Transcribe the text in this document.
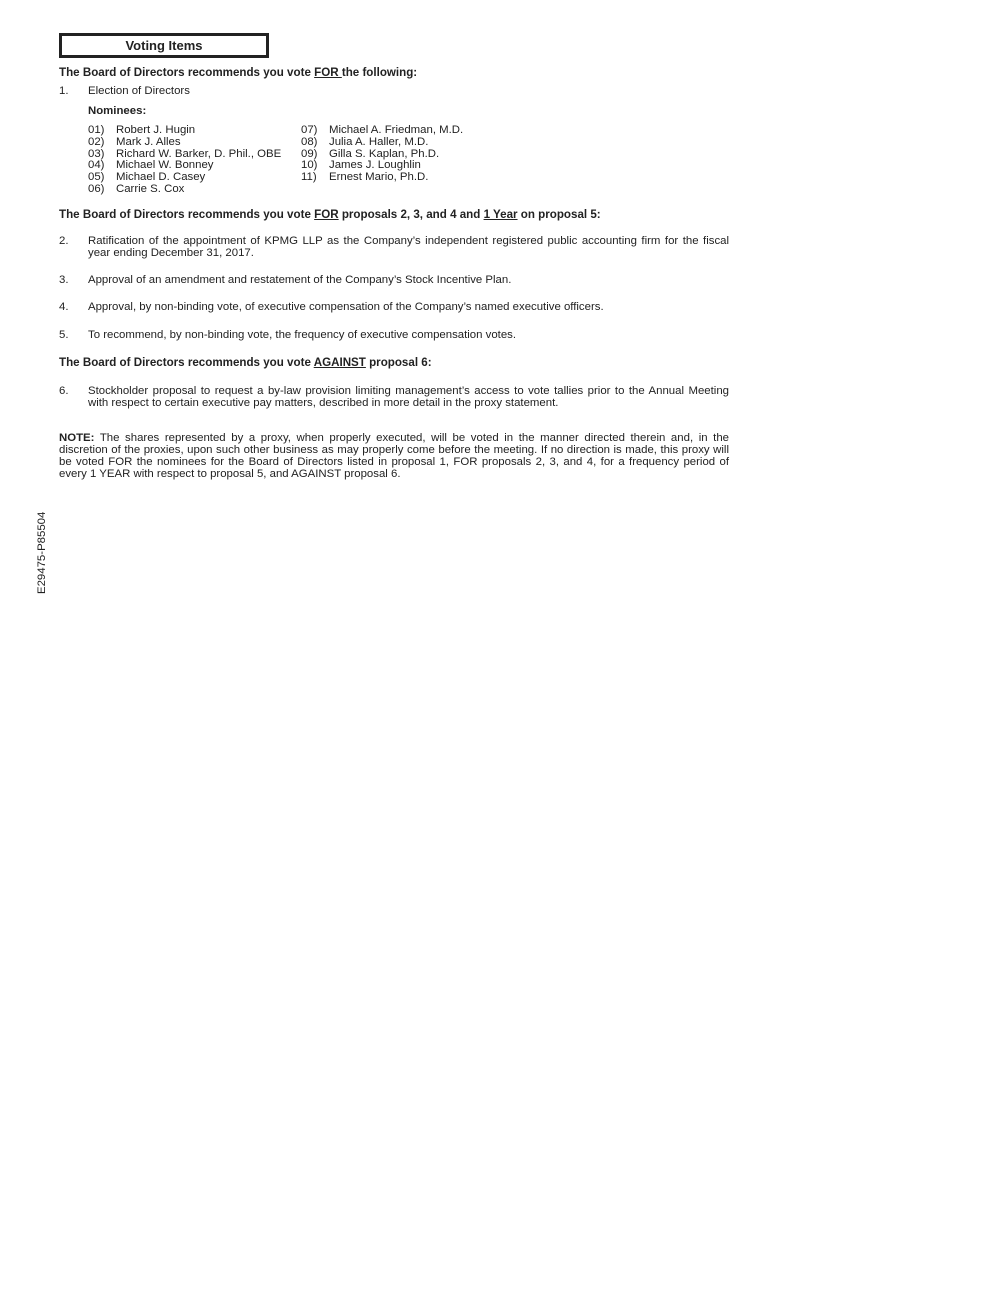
E29475-P85504
Voting Items

The Board of Directors recommends you vote FOR the following:

1.	Election of Directors
Nominees:
01)	Robert J. Hugin
02)	Mark J. Alles
03)	Richard W. Barker, D. Phil., OBE
04)	Michael W. Bonney
05)	Michael D. Casey
06)	Carrie S. Cox
07)	Michael A. Friedman, M.D.
08)	Julia A. Haller, M.D.
09)	Gilla S. Kaplan, Ph.D.
10)	James J. Loughlin
11)	Ernest Mario, Ph.D.

The Board of Directors recommends you vote FOR proposals 2, 3, and 4 and 1 Year on proposal 5:

2.	Ratification of the appointment of KPMG LLP as the Company’s independent registered public accounting firm for the fiscal year ending December 31, 2017.
3.	Approval of an amendment and restatement of the Company’s Stock Incentive Plan.
4.	Approval, by non-binding vote, of executive compensation of the Company’s named executive officers.
5.	To recommend, by non-binding vote, the frequency of executive compensation votes.

The Board of Directors recommends you vote AGAINST proposal 6:

6.	Stockholder proposal to request a by-law provision limiting management’s access to vote tallies prior to the Annual Meeting with respect to certain executive pay matters, described in more detail in the proxy statement.

NOTE: The shares represented by a proxy, when properly executed, will be voted in the manner directed therein and, in the discretion of the proxies, upon such other business as may properly come before the meeting. If no direction is made, this proxy will be voted FOR the nominees for the Board of Directors listed in proposal 1, FOR proposals 2, 3, and 4, for a frequency period of every 1 YEAR with respect to proposal 5, and AGAINST proposal 6.
